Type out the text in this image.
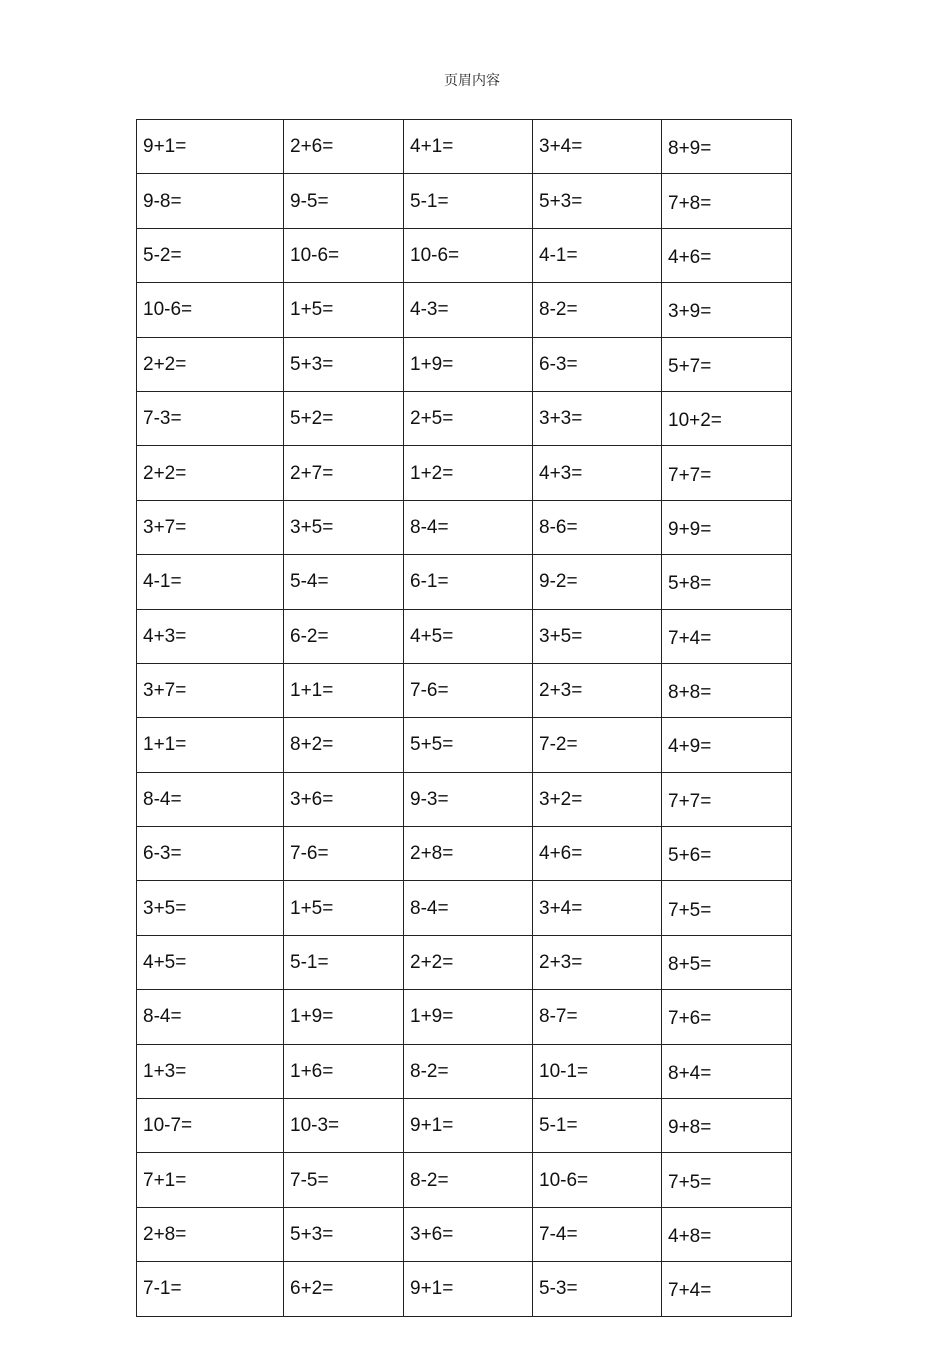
页眉内容
9+1=	2+6=	4+1=	3+4=	8+9=
9-8=	9-5=	5-1=	5+3=	7+8=
5-2=	10-6=	10-6=	4-1=	4+6=
10-6=	1+5=	4-3=	8-2=	3+9=
2+2=	5+3=	1+9=	6-3=	5+7=
7-3=	5+2=	2+5=	3+3=	10+2=
2+2=	2+7=	1+2=	4+3=	7+7=
3+7=	3+5=	8-4=	8-6=	9+9=
4-1=	5-4=	6-1=	9-2=	5+8=
4+3=	6-2=	4+5=	3+5=	7+4=
3+7=	1+1=	7-6=	2+3=	8+8=
1+1=	8+2=	5+5=	7-2=	4+9=
8-4=	3+6=	9-3=	3+2=	7+7=
6-3=	7-6=	2+8=	4+6=	5+6=
3+5=	1+5=	8-4=	3+4=	7+5=
4+5=	5-1=	2+2=	2+3=	8+5=
8-4=	1+9=	1+9=	8-7=	7+6=
1+3=	1+6=	8-2=	10-1=	8+4=
10-7=	10-3=	9+1=	5-1=	9+8=
7+1=	7-5=	8-2=	10-6=	7+5=
2+8=	5+3=	3+6=	7-4=	4+8=
7-1=	6+2=	9+1=	5-3=	7+4=
